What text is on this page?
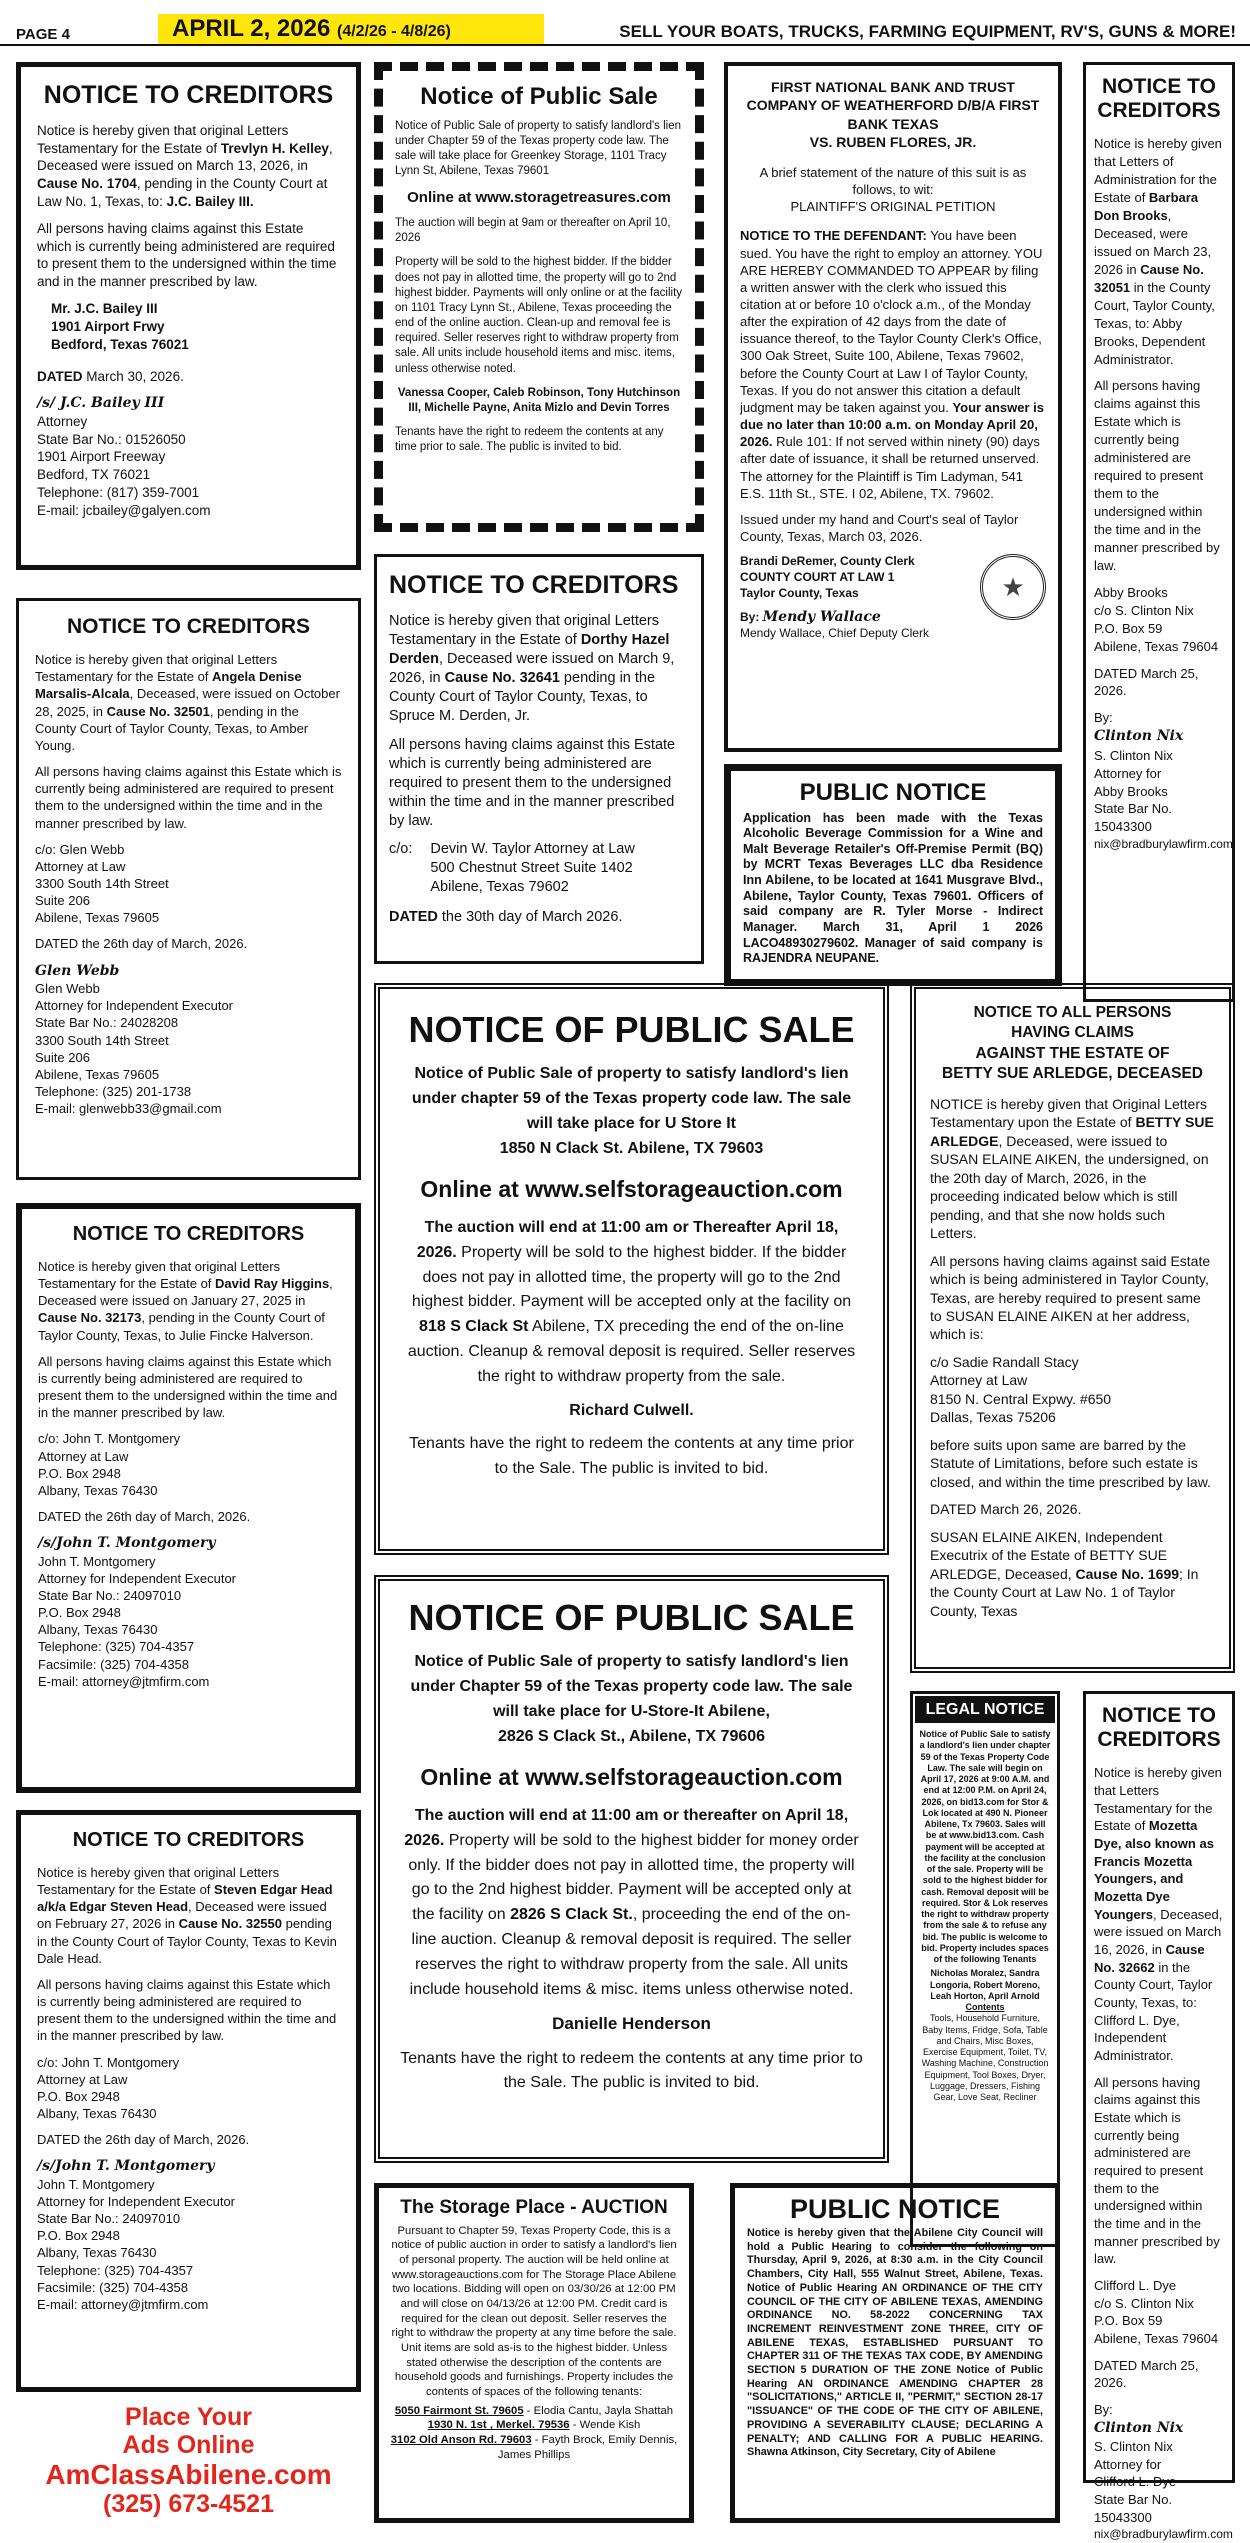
PAGE 4	APRIL 2, 2026 (4/2/26 - 4/8/26)	SELL YOUR BOATS, TRUCKS, FARMING EQUIPMENT, RV'S, GUNS & MORE!
NOTICE TO CREDITORS

Notice is hereby given that original Letters Testamentary for the Estate of Trevlyn H. Kelley, Deceased were issued on March 13, 2026, in Cause No. 1704, pending in the County Court at Law No. 1, Texas, to: J.C. Bailey III.

All persons having claims against this Estate which is currently being administered are required to present them to the undersigned within the time and in the manner prescribed by law.

Mr. J.C. Bailey III
1901 Airport Frwy
Bedford, Texas 76021

DATED March 30, 2026.

/s/ J.C. Bailey III
Attorney
State Bar No.: 01526050
1901 Airport Freeway
Bedford, TX 76021
Telephone: (817) 359-7001
E-mail: jcbailey@galyen.com
Notice of Public Sale

Notice of Public Sale of property to satisfy landlord's lien under Chapter 59 of the Texas property code law. The sale will take place for Greenkey Storage, 1101 Tracy Lynn St, Abilene, Texas 79601

Online at www.storagetreasures.com

The auction will begin at 9am or thereafter on April 10, 2026

Property will be sold to the highest bidder. If the bidder does not pay in allotted time, the property will go to 2nd highest bidder. Payments will only online or at the facility on 1101 Tracy Lynn St., Abilene, Texas proceeding the end of the online auction. Clean-up and removal fee is required. Seller reserves right to withdraw property from sale. All units include household items and misc. items, unless otherwise noted.

Vanessa Cooper, Caleb Robinson, Tony Hutchinson III, Michelle Payne, Anita Mizlo and Devin Torres

Tenants have the right to redeem the contents at any time prior to sale. The public is invited to bid.

FIRST NATIONAL BANK AND TRUST COMPANY OF WEATHERFORD D/B/A FIRST BANK TEXAS
VS. RUBEN FLORES, JR.
A brief statement of the nature of this suit is as follows, to wit:
PLAINTIFF'S ORIGINAL PETITION

NOTICE TO THE DEFENDANT: You have been sued. You have the right to employ an attorney. YOU ARE HEREBY COMMANDED TO APPEAR by filing a written answer with the clerk who issued this citation at or before 10 o'clock a.m., of the Monday after the expiration of 42 days from the date of issuance thereof, to the Taylor County Clerk's Office, 300 Oak Street, Suite 100, Abilene, Texas 79602, before the County Court at Law I of Taylor County, Texas. If you do not answer this citation a default judgment may be taken against you. Your answer is due no later than 10:00 a.m. on Monday April 20, 2026. Rule 101: If not served within ninety (90) days after date of issuance, it shall be returned unserved. The attorney for the Plaintiff is Tim Ladyman, 541 E.S. 11th St., STE. I 02, Abilene, TX. 79602.

Issued under my hand and Court's seal of Taylor County, Texas, March 03, 2026.

Brandi DeRemer, County Clerk
COUNTY COURT AT LAW 1
Taylor County, Texas
By: Mendy Wallace
Mendy Wallace, Chief Deputy Clerk
★
NOTICE TO CREDITORS

Notice is hereby given that Letters of Administration for the Estate of Barbara Don Brooks, Deceased, were issued on March 23, 2026 in Cause No. 32051 in the County Court, Taylor County, Texas, to: Abby Brooks, Dependent Administrator.

All persons having claims against this Estate which is currently being administered are required to present them to the undersigned within the time and in the manner prescribed by law.

Abby Brooks
c/o S. Clinton Nix
P.O. Box 59
Abilene, Texas 79604

DATED March 25, 2026.

By:
Clinton Nix
S. Clinton Nix
Attorney for
Abby Brooks
State Bar No.
15043300
nix@bradburylawfirm.com
NOTICE TO CREDITORS

Notice is hereby given that original Letters Testamentary for the Estate of Angela Denise Marsalis-Alcala, Deceased, were issued on October 28, 2025, in Cause No. 32501, pending in the County Court of Taylor County, Texas, to Amber Young.

All persons having claims against this Estate which is currently being administered are required to present them to the undersigned within the time and in the manner prescribed by law.

c/o: Glen Webb
Attorney at Law
3300 South 14th Street
Suite 206
Abilene, Texas 79605

DATED the 26th day of March, 2026.

Glen Webb
Glen Webb
Attorney for Independent Executor
State Bar No.: 24028208
3300 South 14th Street
Suite 206
Abilene, Texas 79605
Telephone: (325) 201-1738
E-mail: glenwebb33@gmail.com
NOTICE TO CREDITORS

Notice is hereby given that original Letters Testamentary in the Estate of Dorthy Hazel Derden, Deceased were issued on March 9, 2026, in Cause No. 32641 pending in the County Court of Taylor County, Texas, to Spruce M. Derden, Jr.

All persons having claims against this Estate which is currently being administered are required to present them to the undersigned within the time and in the manner prescribed by law.

c/o: Devin W. Taylor Attorney at Law
500 Chestnut Street Suite 1402
Abilene, Texas 79602

DATED the 30th day of March 2026.

PUBLIC NOTICE
Application has been made with the Texas Alcoholic Beverage Commission for a Wine and Malt Beverage Retailer's Off-Premise Permit (BQ) by MCRT Texas Beverages LLC dba Residence Inn Abilene, to be located at 1641 Musgrave Blvd., Abilene, Taylor County, Texas 79601. Officers of said company are R. Tyler Morse - Indirect Manager. March 31, April 1 2026 LACO48930279602. Manager of said company is RAJENDRA NEUPANE.
NOTICE OF PUBLIC SALE
Notice of Public Sale of property to satisfy landlord's lien under chapter 59 of the Texas property code law. The sale will take place for U Store It
1850 N Clack St. Abilene, TX 79603
Online at www.selfstorageauction.com

The auction will end at 11:00 am or Thereafter April 18, 2026. Property will be sold to the highest bidder. If the bidder does not pay in allotted time, the property will go to the 2nd highest bidder. Payment will be accepted only at the facility on 818 S Clack St Abilene, TX preceding the end of the on-line auction. Cleanup & removal deposit is required. Seller reserves the right to withdraw property from the sale.

Richard Culwell.

Tenants have the right to redeem the contents at any time prior to the Sale. The public is invited to bid.

NOTICE TO ALL PERSONS
HAVING CLAIMS
AGAINST THE ESTATE OF
BETTY SUE ARLEDGE, DECEASED

NOTICE is hereby given that Original Letters Testamentary upon the Estate of BETTY SUE ARLEDGE, Deceased, were issued to SUSAN ELAINE AIKEN, the undersigned, on the 20th day of March, 2026, in the proceeding indicated below which is still pending, and that she now holds such Letters.

All persons having claims against said Estate which is being administered in Taylor County, Texas, are hereby required to present same to SUSAN ELAINE AIKEN at her address, which is:

c/o Sadie Randall Stacy
Attorney at Law
8150 N. Central Expwy. #650
Dallas, Texas 75206

before suits upon same are barred by the Statute of Limitations, before such estate is closed, and within the time prescribed by law.

DATED March 26, 2026.

SUSAN ELAINE AIKEN, Independent Executrix of the Estate of BETTY SUE ARLEDGE, Deceased, Cause No. 1699; In the County Court at Law No. 1 of Taylor County, Texas

NOTICE TO CREDITORS

Notice is hereby given that original Letters Testamentary for the Estate of David Ray Higgins, Deceased were issued on January 27, 2025 in Cause No. 32173, pending in the County Court of Taylor County, Texas, to Julie Fincke Halverson.

All persons having claims against this Estate which is currently being administered are required to present them to the undersigned within the time and in the manner prescribed by law.

c/o: John T. Montgomery
Attorney at Law
P.O. Box 2948
Albany, Texas 76430

DATED the 26th day of March, 2026.

/s/John T. Montgomery
John T. Montgomery
Attorney for Independent Executor
State Bar No.: 24097010
P.O. Box 2948
Albany, Texas 76430
Telephone: (325) 704-4357
Facsimile: (325) 704-4358
E-mail: attorney@jtmfirm.com
NOTICE OF PUBLIC SALE
Notice of Public Sale of property to satisfy landlord's lien under Chapter 59 of the Texas property code law. The sale will take place for U-Store-It Abilene,
2826 S Clack St., Abilene, TX 79606
Online at www.selfstorageauction.com

The auction will end at 11:00 am or thereafter on April 18, 2026. Property will be sold to the highest bidder for money order only. If the bidder does not pay in allotted time, the property will go to the 2nd highest bidder. Payment will be accepted only at the facility on 2826 S Clack St., proceeding the end of the on-line auction. Cleanup & removal deposit is required. The seller reserves the right to withdraw property from the sale. All units include household items & misc. items unless otherwise noted.

Danielle Henderson

Tenants have the right to redeem the contents at any time prior to the Sale. The public is invited to bid.

LEGAL NOTICE
Notice of Public Sale to satisfy a landlord's lien under chapter 59 of the Texas Property Code Law. The sale will begin on April 17, 2026 at 9:00 A.M. and end at 12:00 P.M. on April 24, 2026, on bid13.com for Stor & Lok located at 490 N. Pioneer Abilene, Tx 79603. Sales will be at www.bid13.com. Cash payment will be accepted at the facility at the conclusion of the sale. Property will be sold to the highest bidder for cash. Removal deposit will be required. Stor & Lok reserves the right to withdraw property from the sale & to refuse any bid. The public is welcome to bid. Property includes spaces of the following Tenants
Nicholas Moralez, Sandra Longoria, Robert Moreno, Leah Horton, April Arnold
Contents
Tools, Household Furniture, Baby Items, Fridge, Sofa, Table and Chairs, Misc Boxes, Exercise Equipment, Toilet, TV, Washing Machine, Construction Equipment, Tool Boxes, Dryer, Luggage, Dressers, Fishing Gear, Love Seat, Recliner
NOTICE TO CREDITORS

Notice is hereby given that Letters Testamentary for the Estate of Mozetta Dye, also known as Francis Mozetta Youngers, and Mozetta Dye Youngers, Deceased, were issued on March 16, 2026, in Cause No. 32662 in the County Court, Taylor County, Texas, to: Clifford L. Dye, Independent Administrator.

All persons having claims against this Estate which is currently being administered are required to present them to the undersigned within the time and in the manner prescribed by law.

Clifford L. Dye
c/o S. Clinton Nix
P.O. Box 59
Abilene, Texas 79604

DATED March 25, 2026.

By:
Clinton Nix
S. Clinton Nix
Attorney for
Clifford L. Dye
State Bar No.
15043300
nix@bradburylawfirm.com
NOTICE TO CREDITORS

Notice is hereby given that original Letters Testamentary for the Estate of Steven Edgar Head a/k/a Edgar Steven Head, Deceased were issued on February 27, 2026 in Cause No. 32550 pending in the County Court of Taylor County, Texas to Kevin Dale Head.

All persons having claims against this Estate which is currently being administered are required to present them to the undersigned within the time and in the manner prescribed by law.

c/o: John T. Montgomery
Attorney at Law
P.O. Box 2948
Albany, Texas 76430

DATED the 26th day of March, 2026.

/s/John T. Montgomery
John T. Montgomery
Attorney for Independent Executor
State Bar No.: 24097010
P.O. Box 2948
Albany, Texas 76430
Telephone: (325) 704-4357
Facsimile: (325) 704-4358
E-mail: attorney@jtmfirm.com
The Storage Place - AUCTION

Pursuant to Chapter 59, Texas Property Code, this is a notice of public auction in order to satisfy a landlord's lien of personal property. The auction will be held online at www.storageauctions.com for The Storage Place Abilene two locations. Bidding will open on 03/30/26 at 12:00 PM and will close on 04/13/26 at 12:00 PM. Credit card is required for the clean out deposit. Seller reserves the right to withdraw the property at any time before the sale. Unit items are sold as-is to the highest bidder. Unless stated otherwise the description of the contents are household goods and furnishings. Property includes the contents of spaces of the following tenants:

5050 Fairmont St. 79605 - Elodia Cantu, Jayla Shattah
1930 N. 1st , Merkel. 79536 - Wende Kish
3102 Old Anson Rd. 79603 - Fayth Brock, Emily Dennis, James Phillips
PUBLIC NOTICE
Notice is hereby given that the Abilene City Council will hold a Public Hearing to consider the following on Thursday, April 9, 2026, at 8:30 a.m. in the City Council Chambers, City Hall, 555 Walnut Street, Abilene, Texas. Notice of Public Hearing AN ORDINANCE OF THE CITY COUNCIL OF THE CITY OF ABILENE TEXAS, AMENDING ORDINANCE NO. 58-2022 CONCERNING TAX INCREMENT REINVESTMENT ZONE THREE, CITY OF ABILENE TEXAS, ESTABLISHED PURSUANT TO CHAPTER 311 OF THE TEXAS TAX CODE, BY AMENDING SECTION 5 DURATION OF THE ZONE Notice of Public Hearing AN ORDINANCE AMENDING CHAPTER 28 "SOLICITATIONS," ARTICLE II, "PERMIT," SECTION 28-17 "ISSUANCE" OF THE CODE OF THE CITY OF ABILENE, PROVIDING A SEVERABILITY CLAUSE; DECLARING A PENALTY; AND CALLING FOR A PUBLIC HEARING. Shawna Atkinson, City Secretary, City of Abilene
Place Your
Ads Online
AmClassAbilene.com
(325) 673-4521
